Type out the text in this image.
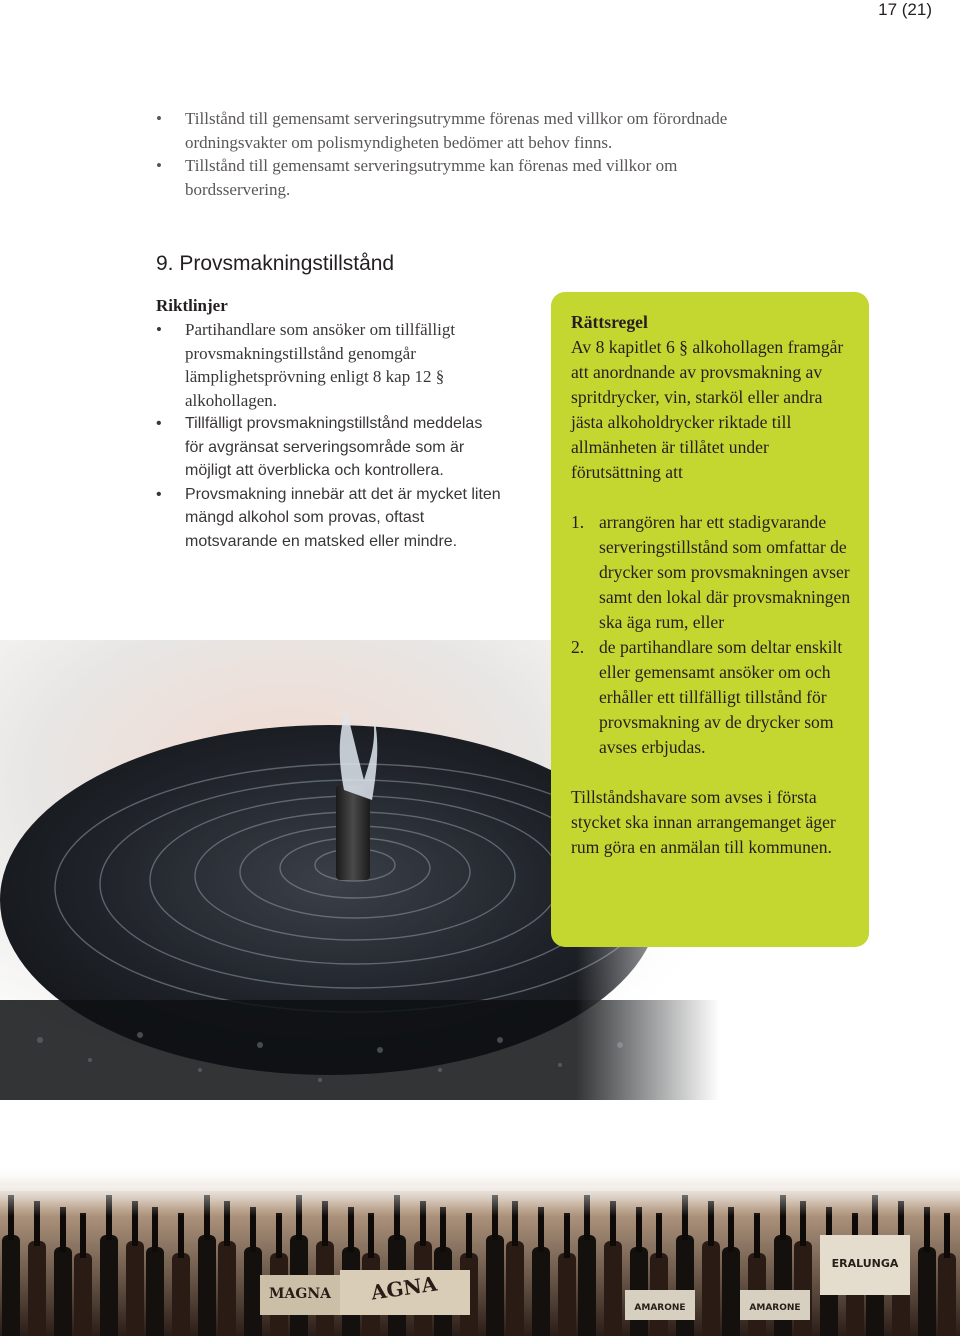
17 (21)
• Tillstånd till gemensamt serveringsutrymme förenas med villkor om förordnade ordningsvakter om polismyndigheten bedömer att behov finns.
• Tillstånd till gemensamt serveringsutrymme kan förenas med villkor om bordsservering.
9. Provsmakningstillstånd
Riktlinjer
• Partihandlare som ansöker om tillfälligt provsmakningstillstånd genomgår lämplighetsprövning enligt 8 kap 12 § alkohollagen.
• Tillfälligt provsmakningstillstånd meddelas för avgränsat serveringsområde som är möjligt att överblicka och kontrollera.
• Provsmakning innebär att det är mycket liten mängd alkohol som provas, oftast motsvarande en matsked eller mindre.
Rättsregel

Av 8 kapitlet 6 § alkohollagen framgår att anordnande av provsmakning av spritdrycker, vin, starköl eller andra jästa alkoholdrycker riktade till allmänheten är tillåtet under förutsättning att

1. arrangören har ett stadigvarande serveringstillstånd som omfattar de drycker som provsmakningen avser samt den lokal där provsmakningen ska äga rum, eller
2. de partihandlare som deltar enskilt eller gemensamt ansöker om och erhåller ett tillfälligt tillstånd för provsmakning av de drycker som avses erbjudas.

Tillståndshavare som avses i första stycket ska innan arrangemanget äger rum göra en anmälan till kommunen.
